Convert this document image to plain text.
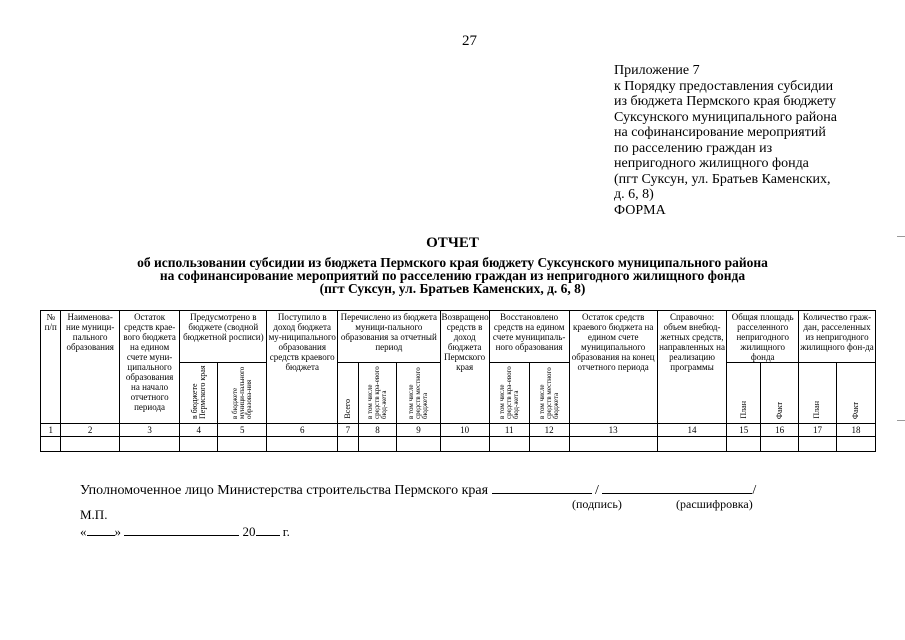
27
Приложение 7
к Порядку предоставления субсидии
из бюджета Пермского края бюджету
Суксунского муниципального района
на софинансирование мероприятий
по расселению граждан из
непригодного жилищного фонда
(пгт Суксун, ул. Братьев Каменских,
д. 6, 8)
ФОРМА
ОТЧЕТ
об использовании субсидии из бюджета Пермского края бюджету Суксунского муниципального района
на софинансирование мероприятий по расселению граждан из непригодного жилищного фонда
(пгт Суксун, ул. Братьев Каменских, д. 6, 8)
№ п/п	Наименова-ние муници-пального образования	Остаток средств крае-вого бюджета на едином счете муни-ципального образования на начало отчетного периода	Предусмотрено в бюджете (сводной бюджетной росписи)		Поступило в доход бюджета му-ниципального образования средств краевого бюджета	Перечислено из бюджета муници-пального образования за отчетный период			Возвращено средств в доход бюджета Пермского края	Восстановлено средств на едином счете муниципаль-ного образования		Остаток средств краевого бюджета на едином счете муниципального образования на конец отчетного периода	Справочно: объем внебюд-жетных средств, направленных на реализацию программы	Общая площадь расселенного непригодного жилищного фонда		Количество граж-дан, расселенных из непригодного жилищного фон-да	
			в бюджете Пермского края	в бюджете муници-пального образова-ния		Всего	в том числе средств кра-евого бюд-жета	в том числе средств местного бюджета		в том числе средств кра-евого бюд-жета	в том числе средств местного бюджета			План	Факт	План	Факт
1	2	3	4	5	6	7	8	9	10	11	12	13	14	15	16	17	18

Уполномоченное лицо Министерства строительства Пермского края	/	/
(подпись)	(расшифровка)
М.П.
« »	20 г.
